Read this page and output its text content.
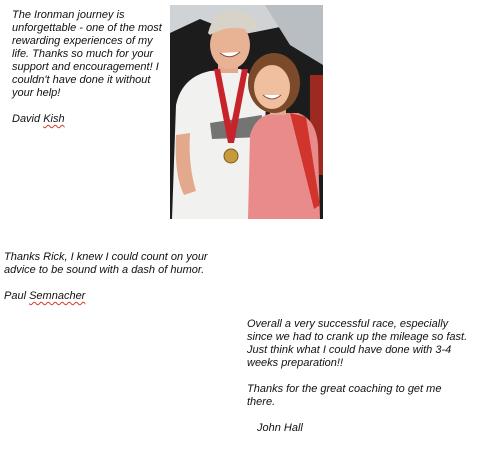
The Ironman journey is unforgettable - one of the most rewarding experiences of my life. Thanks so much for your support and encouragement! I couldn't have done it without your help!

David Kish

Thanks Rick, I knew I could count on your advice to be sound with a dash of humor.

Paul Semnacher

Overall a very successful race, especially since we had to crank up the mileage so fast. Just think what I could have done with 3-4 weeks preparation!!

Thanks for the great coaching to get me there.

John Hall
